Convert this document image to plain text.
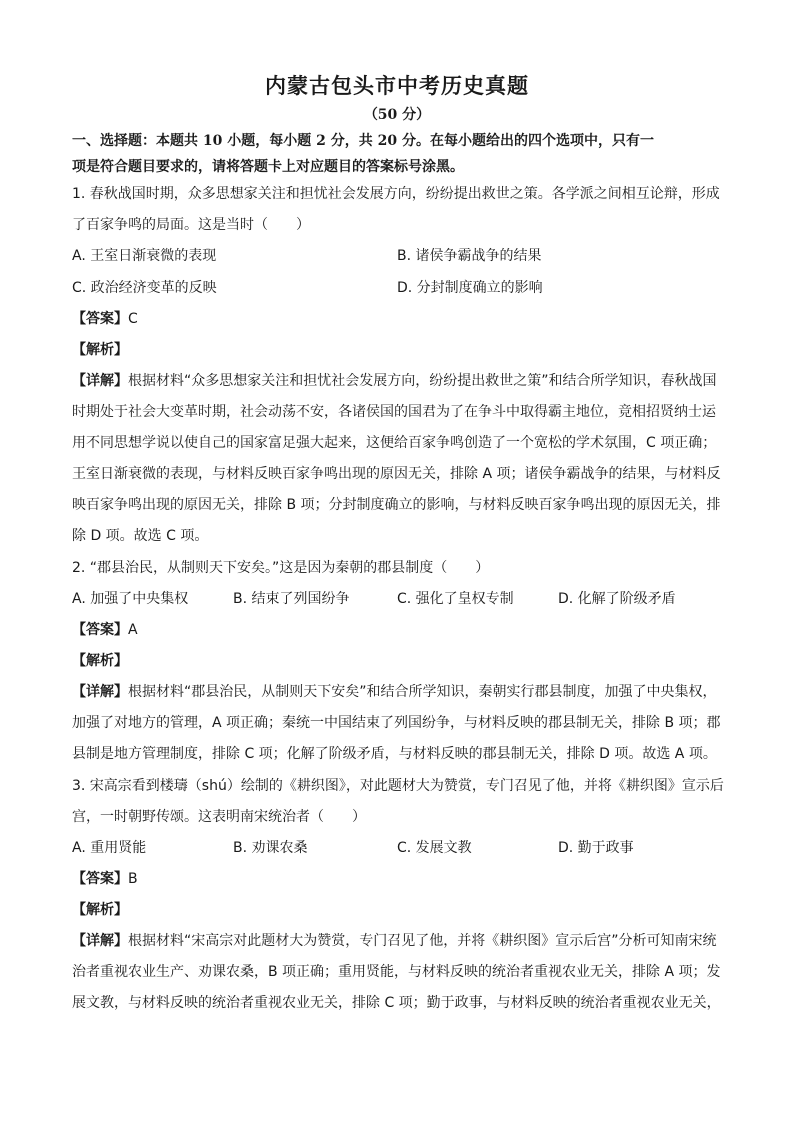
内蒙古包头市中考历史真题
（50 分）
一、选择题：本题共 10 小题，每小题 2 分，共 20 分。在每小题给出的四个选项中，只有一
项是符合题目要求的，请将答题卡上对应题目的答案标号涂黑。
1. 春秋战国时期，众多思想家关注和担忧社会发展方向，纷纷提出救世之策。各学派之间相互论辩，形成
了百家争鸣的局面。这是当时（　　）
A. 王室日渐衰微的表现	B. 诸侯争霸战争的结果
C. 政治经济变革的反映	D. 分封制度确立的影响
【答案】C
【解析】
【详解】根据材料“众多思想家关注和担忧社会发展方向，纷纷提出救世之策”和结合所学知识，春秋战国
时期处于社会大变革时期，社会动荡不安，各诸侯国的国君为了在争斗中取得霸主地位，竞相招贤纳士运
用不同思想学说以使自己的国家富足强大起来，这便给百家争鸣创造了一个宽松的学术氛围，C 项正确；
王室日渐衰微的表现，与材料反映百家争鸣出现的原因无关，排除 A 项；诸侯争霸战争的结果，与材料反
映百家争鸣出现的原因无关，排除 B 项；分封制度确立的影响，与材料反映百家争鸣出现的原因无关，排
除 D 项。故选 C 项。
2. “郡县治民，从制则天下安矣。”这是因为秦朝的郡县制度（　　）
A. 加强了中央集权	B. 结束了列国纷争	C. 强化了皇权专制	D. 化解了阶级矛盾
【答案】A
【解析】
【详解】根据材料“郡县治民，从制则天下安矣”和结合所学知识，秦朝实行郡县制度，加强了中央集权，
加强了对地方的管理，A 项正确；秦统一中国结束了列国纷争，与材料反映的郡县制无关，排除 B 项；郡
县制是地方管理制度，排除 C 项；化解了阶级矛盾，与材料反映的郡县制无关，排除 D 项。故选 A 项。
3. 宋高宗看到楼璹（shú）绘制的《耕织图》，对此题材大为赞赏，专门召见了他，并将《耕织图》宣示后
宫，一时朝野传颂。这表明南宋统治者（　　）
A. 重用贤能	B. 劝课农桑	C. 发展文教	D. 勤于政事
【答案】B
【解析】
【详解】根据材料“宋高宗对此题材大为赞赏，专门召见了他，并将《耕织图》宣示后宫”分析可知南宋统
治者重视农业生产、劝课农桑，B 项正确；重用贤能，与材料反映的统治者重视农业无关，排除 A 项；发
展文教，与材料反映的统治者重视农业无关，排除 C 项；勤于政事，与材料反映的统治者重视农业无关，
